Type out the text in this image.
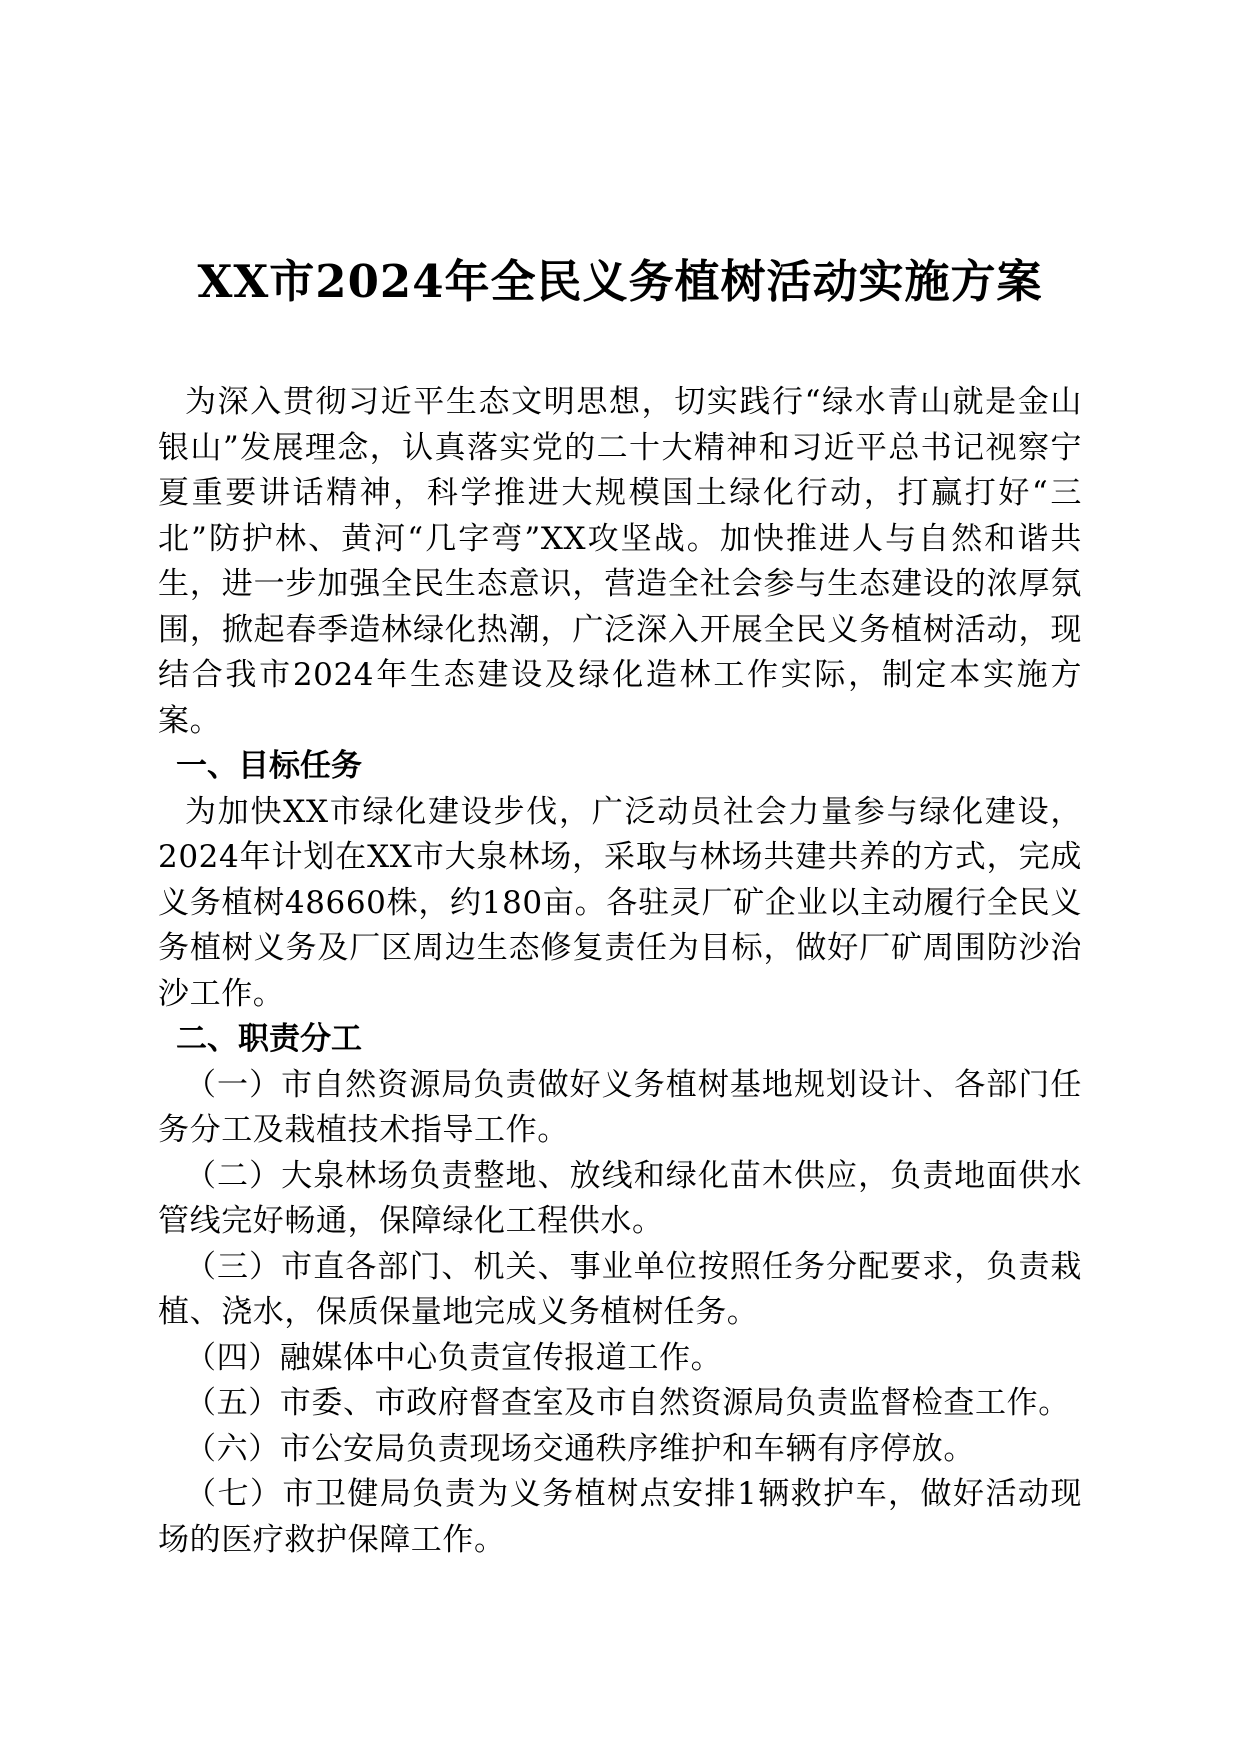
XX市2024年全民义务植树活动实施方案

为深入贯彻习近平生态文明思想，切实践行“绿水青山就是金山银山”发展理念，认真落实党的二十大精神和习近平总书记视察宁夏重要讲话精神，科学推进大规模国土绿化行动，打赢打好“三北”防护林、黄河“几字弯”XX攻坚战。加快推进人与自然和谐共生，进一步加强全民生态意识，营造全社会参与生态建设的浓厚氛围，掀起春季造林绿化热潮，广泛深入开展全民义务植树活动，现结合我市2024年生态建设及绿化造林工作实际，制定本实施方案。

一、目标任务

为加快XX市绿化建设步伐，广泛动员社会力量参与绿化建设，2024年计划在XX市大泉林场，采取与林场共建共养的方式，完成义务植树48660株，约180亩。各驻灵厂矿企业以主动履行全民义务植树义务及厂区周边生态修复责任为目标，做好厂矿周围防沙治沙工作。

二、职责分工

（一）市自然资源局负责做好义务植树基地规划设计、各部门任务分工及栽植技术指导工作。

（二）大泉林场负责整地、放线和绿化苗木供应，负责地面供水管线完好畅通，保障绿化工程供水。

（三）市直各部门、机关、事业单位按照任务分配要求，负责栽植、浇水，保质保量地完成义务植树任务。

（四）融媒体中心负责宣传报道工作。

（五）市委、市政府督查室及市自然资源局负责监督检查工作。

（六）市公安局负责现场交通秩序维护和车辆有序停放。

（七）市卫健局负责为义务植树点安排1辆救护车，做好活动现场的医疗救护保障工作。
